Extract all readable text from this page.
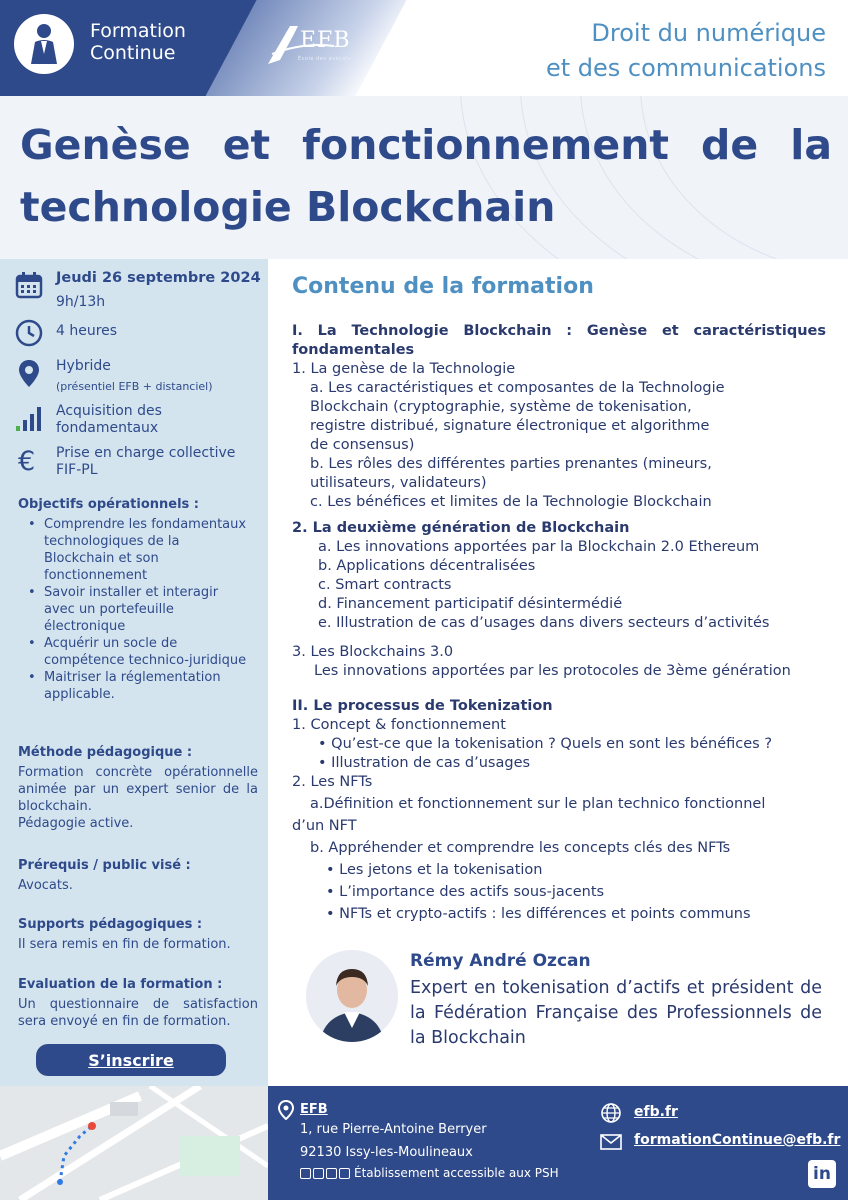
Formation
Continue	EFB
École des avocats
Droit du numérique
et des communications
Genèse et fonctionnement de la technologie Blockchain
Jeudi 26 septembre 2024
9h/13h
4 heures
Hybride
(présentiel EFB + distanciel)
Acquisition des
fondamentaux
€ Prise en charge collective
FIF-PL
Objectifs opérationnels :
• Comprendre les fondamentaux technologiques de la Blockchain et son fonctionnement
• Savoir installer et interagir avec un portefeuille électronique
• Acquérir un socle de compétence technico-juridique
• Maitriser la réglementation applicable.
Méthode pédagogique :
Formation concrète opérationnelle animée par un expert senior de la blockchain.
Pédagogie active.
Prérequis / public visé :
Avocats.
Supports pédagogiques :
Il sera remis en fin de formation.
Evaluation de la formation :
Un questionnaire de satisfaction sera envoyé en fin de formation.
S’inscrire
Contenu de la formation
I. La Technologie Blockchain : Genèse et caractéristiques fondamentales
1. La genèse de la Technologie
a. Les caractéristiques et composantes de la Technologie
Blockchain (cryptographie, système de tokenisation,
registre distribué, signature électronique et algorithme
de consensus)
b. Les rôles des différentes parties prenantes (mineurs,
utilisateurs, validateurs)
c. Les bénéfices et limites de la Technologie Blockchain
2. La deuxième génération de Blockchain
a. Les innovations apportées par la Blockchain 2.0 Ethereum
b. Applications décentralisées
c. Smart contracts
d. Financement participatif désintermédié
e. Illustration de cas d’usages dans divers secteurs d’activités
3. Les Blockchains 3.0
Les innovations apportées par les protocoles de 3ème génération
II. Le processus de Tokenization
1. Concept & fonctionnement
• Qu’est-ce que la tokenisation ? Quels en sont les bénéfices ?
• Illustration de cas d’usages
2. Les NFTs
a.Définition et fonctionnement sur le plan technico fonctionnel
d’un NFT
b. Appréhender et comprendre les concepts clés des NFTs
• Les jetons et la tokenisation
• L’importance des actifs sous-jacents
• NFTs et crypto-actifs : les différences et points communs
Rémy André Ozcan
Expert en tokenisation d’actifs et président de la Fédération Française des Professionnels de la Blockchain
EFB
1, rue Pierre-Antoine Berryer
92130 Issy-les-Moulineaux
Établissement accessible aux PSH
efb.fr
formationContinue@efb.fr
in
